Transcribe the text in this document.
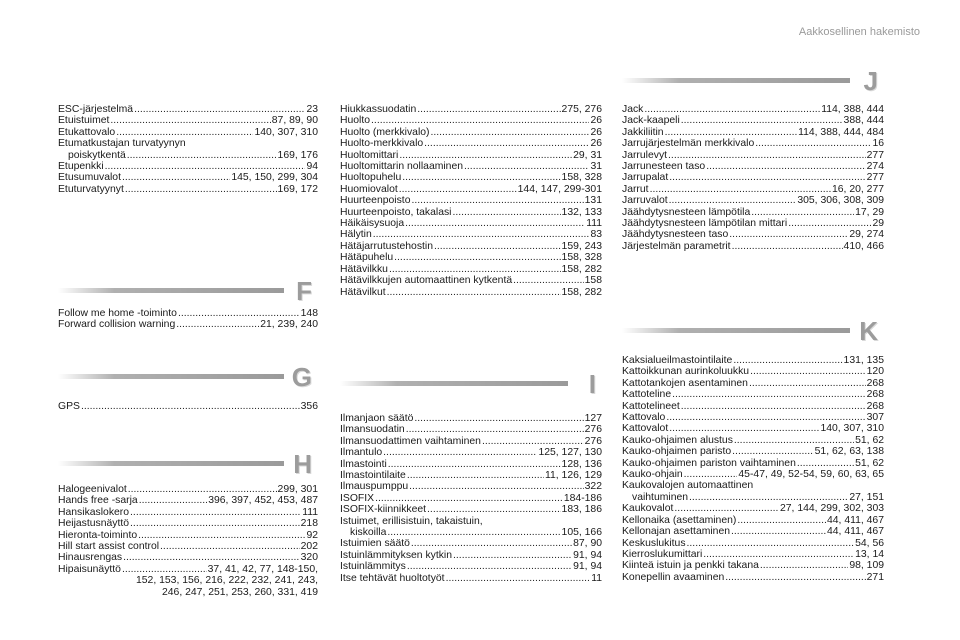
Aakkosellinen hakemisto
ESC-järjestelmä .....	23
Etuistuimet .....	87, 89, 90
Etukattovalo .....	140, 307, 310
Etumatkustajan turvatyynyn
poiskytkentä .....	169, 176
Etupenkki .....	94
Etusumuvalot .....	145, 150, 299, 304
Etuturvatyynyt .....	169, 172
F
Follow me home -toiminto .....	148
Forward collision warning .....	21, 239, 240
G
GPS .....	356
H
Halogeenivalot .....	299, 301
Hands free -sarja .....	396, 397, 452, 453, 487
Hansikaslokero .....	111
Heijastusnäyttö .....	218
Hieronta-toiminto .....	92
Hill start assist control .....	202
Hinausrengas .....	320
Hipaisunäyttö .....	37, 41, 42, 77, 148-150,
152, 153, 156, 216, 222, 232, 241, 243,
246, 247, 251, 253, 260, 331, 419
Hiukkassuodatin .....	275, 276
Huolto .....	26
Huolto (merkkivalo) .....	26
Huolto-merkkivalo .....	26
Huoltomittari .....	29, 31
Huoltomittarin nollaaminen .....	31
Huoltopuhelu .....	158, 328
Huomiovalot .....	144, 147, 299-301
Huurteenpoisto .....	131
Huurteenpoisto, takalasi .....	132, 133
Häikäisysuoja .....	111
Hälytin .....	83
Hätäjarrutustehostin .....	159, 243
Hätäpuhelu .....	158, 328
Hätävilkku .....	158, 282
Hätävilkkujen automaattinen kytkentä .....	158
Hätävilkut .....	158, 282
I
Ilmanjaon säätö .....	127
Ilmansuodatin .....	276
Ilmansuodattimen vaihtaminen .....	276
Ilmantulo .....	125, 127, 130
Ilmastointi .....	128, 136
Ilmastointilaite .....	11, 126, 129
Ilmauspumppu .....	322
ISOFIX .....	184-186
ISOFIX-kiinnikkeet .....	183, 186
Istuimet, erillisistuin, takaistuin,
kiskoilla .....	105, 166
Istuimien säätö .....	87, 90
Istuinlämmityksen kytkin .....	91, 94
Istuinlämmitys .....	91, 94
Itse tehtävät huoltotyöt .....	11
J
Jack .....	114, 388, 444
Jack-kaapeli .....	388, 444
Jakkiliitin .....	114, 388, 444, 484
Jarrujärjestelmän merkkivalo .....	16
Jarrulevyt .....	277
Jarrunesteen taso .....	274
Jarrupalat .....	277
Jarrut .....	16, 20, 277
Jarruvalot .....	305, 306, 308, 309
Jäähdytysnesteen lämpötila .....	17, 29
Jäähdytysnesteen lämpötilan mittari .....	29
Jäähdytysnesteen taso .....	29, 274
Järjestelmän parametrit .....	410, 466
K
Kaksialueilmastointilaite .....	131, 135
Kattoikkunan aurinkoluukku .....	120
Kattotankojen asentaminen .....	268
Kattoteline .....	268
Kattotelineet .....	268
Kattovalo .....	307
Kattovalot .....	140, 307, 310
Kauko-ohjaimen alustus .....	51, 62
Kauko-ohjaimen paristo .....	51, 62, 63, 138
Kauko-ohjaimen pariston vaihtaminen .....	51, 62
Kauko-ohjain .....	45-47, 49, 52-54, 59, 60, 63, 65
Kaukovalojen automaattinen
vaihtuminen .....	27, 151
Kaukovalot .....	27, 144, 299, 302, 303
Kellonaika (asettaminen) .....	44, 411, 467
Kellonajan asettaminen .....	44, 411, 467
Keskuslukitus .....	54, 56
Kierroslukumittari .....	13, 14
Kiinteä istuin ja penkki takana .....	98, 109
Konepellin avaaminen .....	271
